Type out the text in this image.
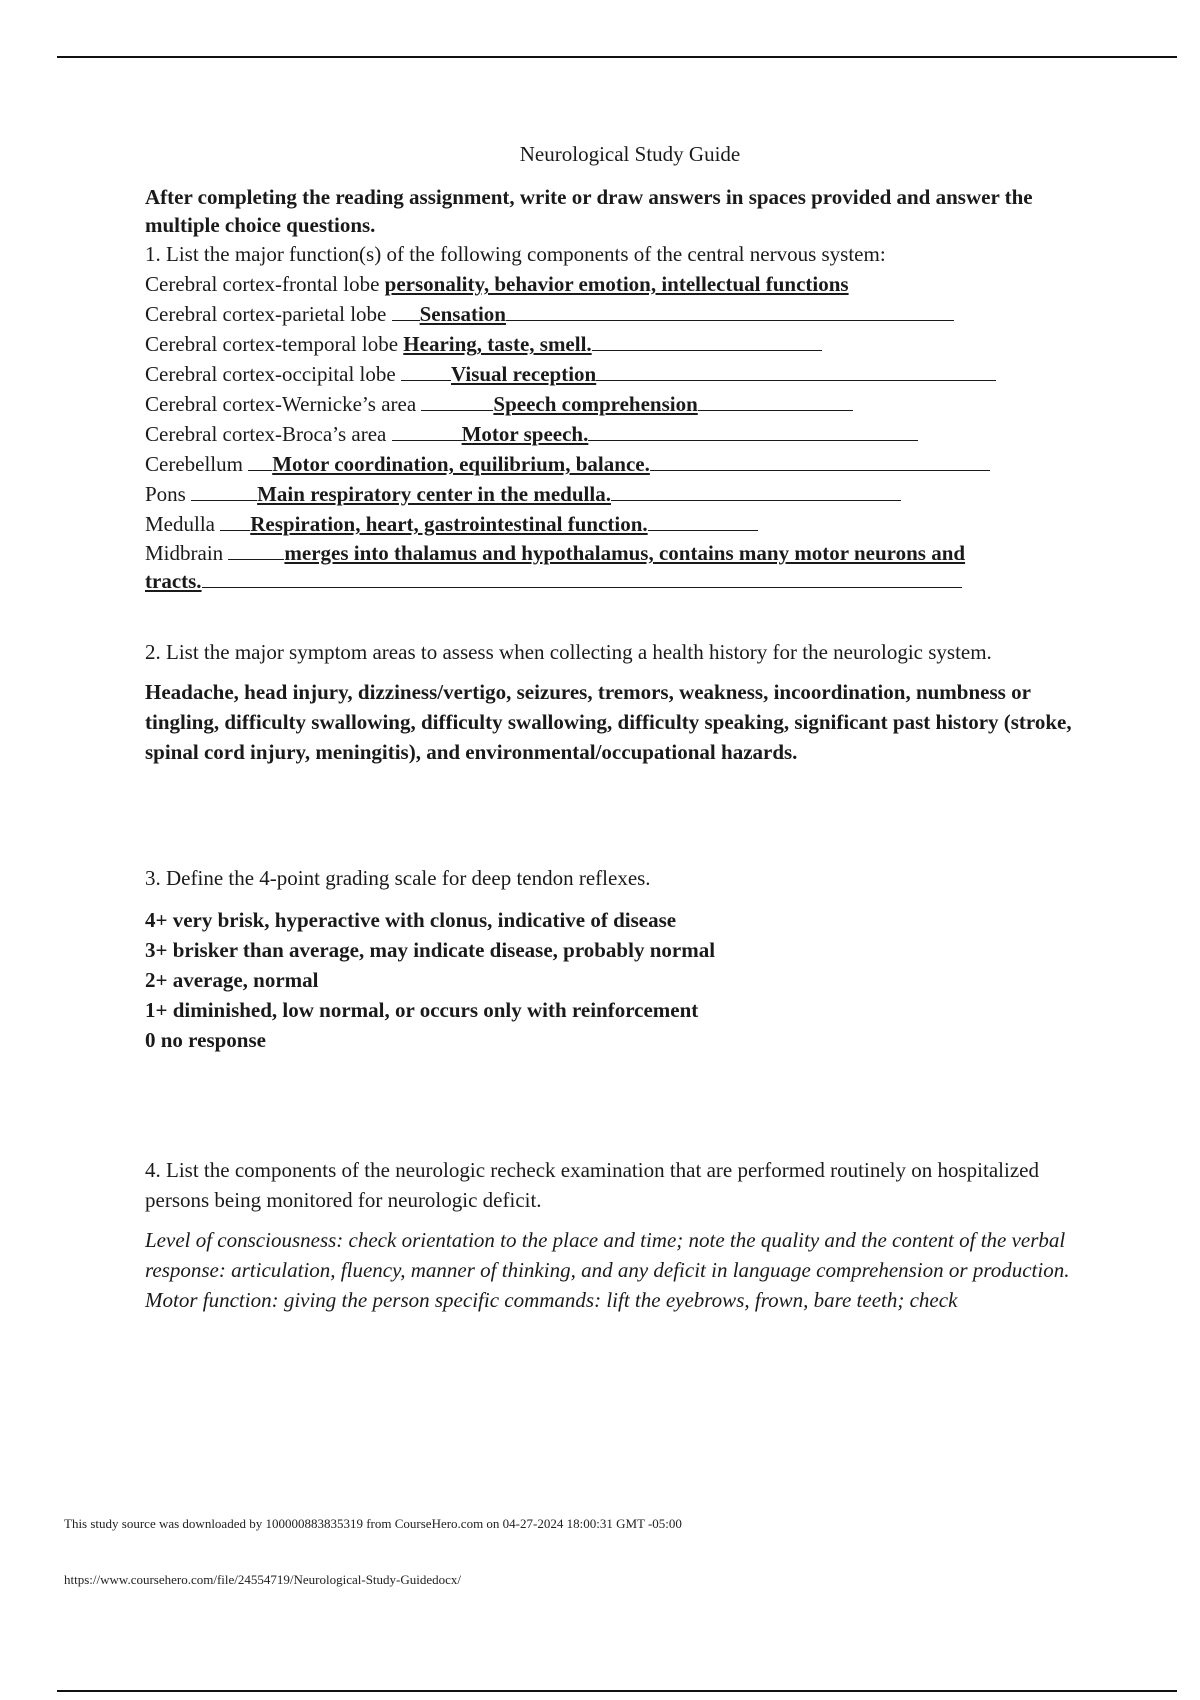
Neurological Study Guide

After completing the reading assignment, write or draw answers in spaces provided and answer the multiple choice questions.

1. List the major function(s) of the following components of the central nervous system:

Cerebral cortex-frontal lobe personality, behavior emotion, intellectual functions
Cerebral cortex-parietal lobe Sensation
Cerebral cortex-temporal lobe Hearing, taste, smell.
Cerebral cortex-occipital lobe Visual reception
Cerebral cortex-Wernicke’s area	Speech comprehension
Cerebral cortex-Broca’s area	Motor speech.
Cerebellum Motor coordination, equilibrium, balance.
Pons	Main respiratory center in the medulla.
Medulla Respiration, heart, gastrointestinal function.
Midbrain	merges into thalamus and hypothalamus, contains many motor neurons and
tracts.

2. List the major symptom areas to assess when collecting a health history for the neurologic system.

Headache, head injury, dizziness/vertigo, seizures, tremors, weakness, incoordination, numbness or tingling, difficulty swallowing, difficulty swallowing, difficulty speaking, significant past history (stroke, spinal cord injury, meningitis), and environmental/occupational hazards.

3. Define the 4-point grading scale for deep tendon reflexes.

4+ very brisk, hyperactive with clonus, indicative of disease
3+ brisker than average, may indicate disease, probably normal
2+ average, normal
1+ diminished, low normal, or occurs only with reinforcement
0 no response

4. List the components of the neurologic recheck examination that are performed routinely on hospitalized persons being monitored for neurologic deficit.

Level of consciousness: check orientation to the place and time; note the quality and the content of the verbal response: articulation, fluency, manner of thinking, and any deficit in language comprehension or production.

Motor function: giving the person specific commands: lift the eyebrows, frown, bare teeth; check

This study source was downloaded by 100000883835319 from CourseHero.com on 04-27-2024 18:00:31 GMT -05:00
https://www.coursehero.com/file/24554719/Neurological-Study-Guidedocx/
